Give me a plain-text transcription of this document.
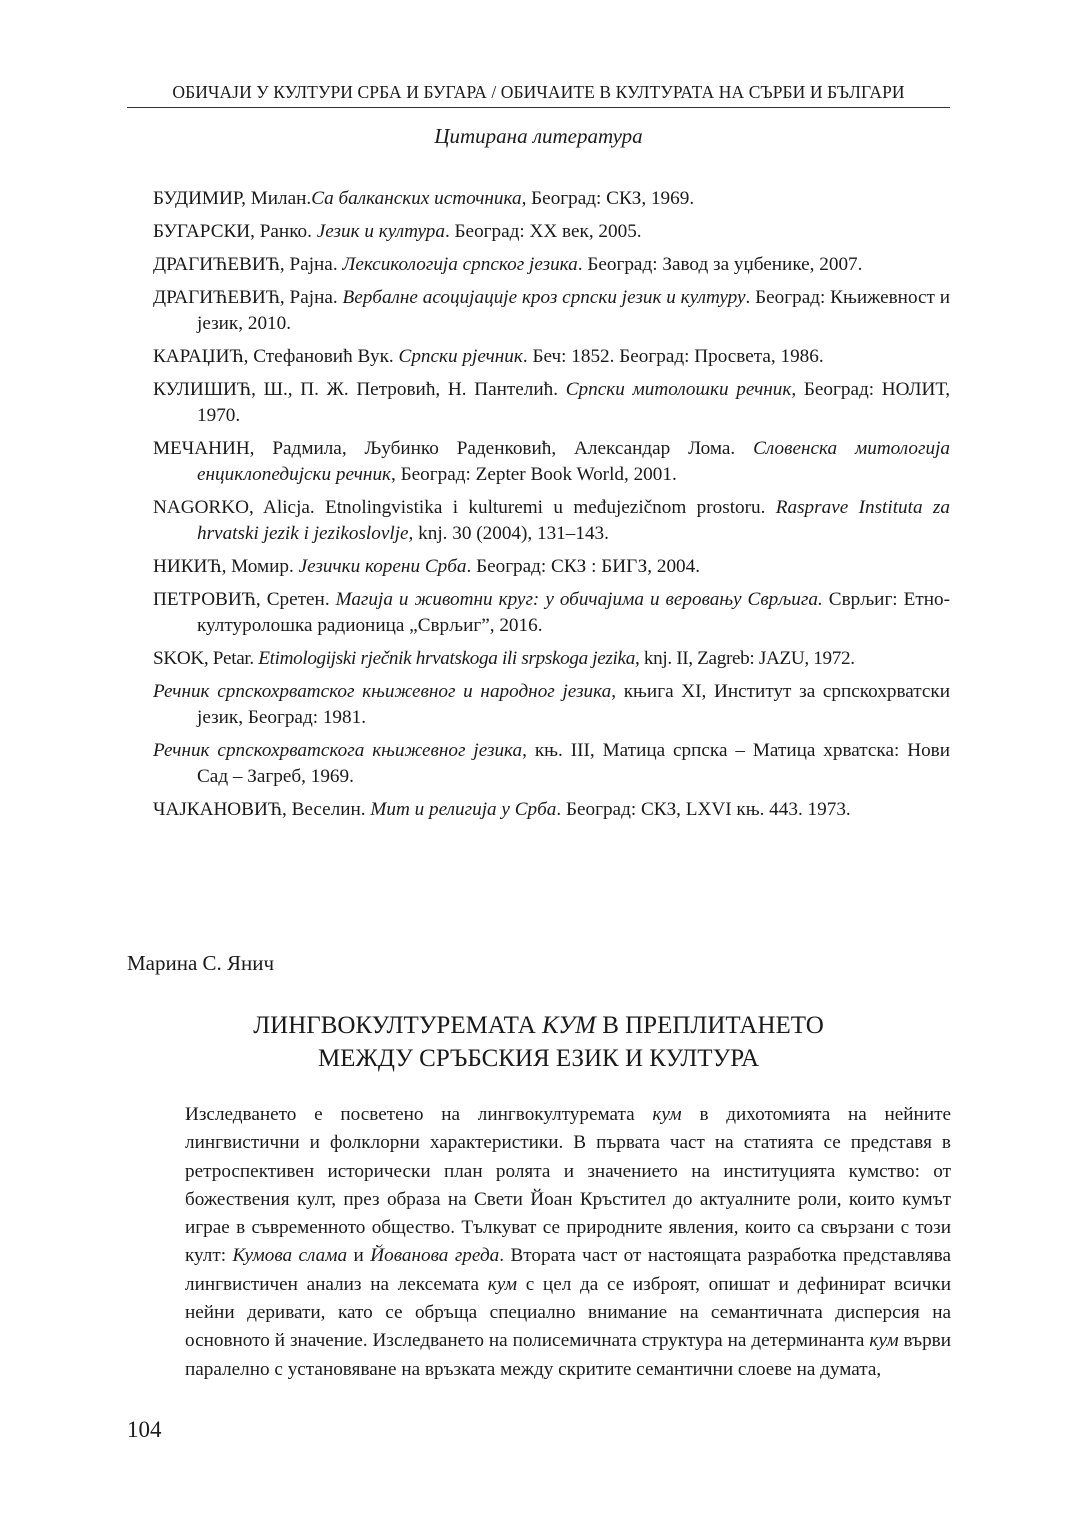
ОБИЧАЈИ У КУЛТУРИ СРБА И БУГАРА / ОБИЧАИТЕ В КУЛТУРАТА НА СЪРБИ И БЪЛГАРИ
Цитирана литература
БУДИМИР, Милан.Са балканских источника, Београд: СКЗ, 1969.
БУГАРСКИ, Ранко. Језик и култура. Београд: ХХ век, 2005.
ДРАГИЋЕВИЋ, Рајна. Лексикологија српског језика. Београд: Завод за уџбенике, 2007.
ДРАГИЋЕВИЋ, Рајна. Вербалне асоцијације кроз српски језик и културу. Београд: Књижевност и језик, 2010.
КАРАЏИЋ, Стефановић Вук. Српски рјечник. Беч: 1852. Београд: Просвета, 1986.
КУЛИШИЋ, Ш., П. Ж. Петровић, Н. Пантелић. Српски митолошки речник, Београд: НОЛИТ, 1970.
МЕЧАНИН, Радмила, Љубинко Раденковић, Александар Лома. Словенска митологија енциклопедијски речник, Београд: Zepter Book World, 2001.
NAGORKO, Alicja. Etnolingvistika i kulturemi u međujezičnom prostoru. Rasprave Instituta za hrvatski jezik i jezikoslovlje, knj. 30 (2004), 131–143.
НИКИЋ, Момир. Језички корени Срба. Београд: СКЗ : БИГЗ, 2004.
ПЕТРОВИЋ, Сретен. Магија и животни круг: у обичајима и веровању Сврљига. Сврљиг: Етно-културолошка радионица „Сврљиг”, 2016.
SKOK, Petar. Etimologijski rječnik hrvatskoga ili srpskoga jezika, knj. II, Zagreb: JAZU, 1972.
Речник српскохрватског књижевног и народног језика, књига XI, Институт за српскохрватски језик, Београд: 1981.
Речник српскохрватскога књижевног језика, књ. III, Матица српска – Матица хрватска: Нови Сад – Загреб, 1969.
ЧАЈКАНОВИЋ, Веселин. Мит и религија у Срба. Београд: СКЗ, LXVI књ. 443. 1973.
Марина С. Янич
ЛИНГВОКУЛТУРЕМАТА КУМ В ПРЕПЛИТАНЕТО
МЕЖДУ СРЪБСКИЯ ЕЗИК И КУЛТУРА

Изследването е посветено на лингвокултуремата кум в дихотомията на нейните лингвистични и фолклорни характеристики. В първата част на статията се представя в ретроспективен исторически план ролята и значението на институцията кумство: от божествения култ, през образа на Свети Йоан Кръстител до актуалните роли, които кумът играе в съвременното общество. Тълкуват се природните явления, които са свързани с този култ: Кумова слама и Йованова греда. Втората част от настоящата разработка представлява лингвистичен анализ на лексемата кум с цел да се изброят, опишат и дефинират всички нейни деривати, като се обръща специално внимание на семантичната дисперсия на основното й значение. Изследването на полисемичната структура на детерминанта кум върви паралелно с установяване на връзката между скритите семантични слоеве на думата,

104
